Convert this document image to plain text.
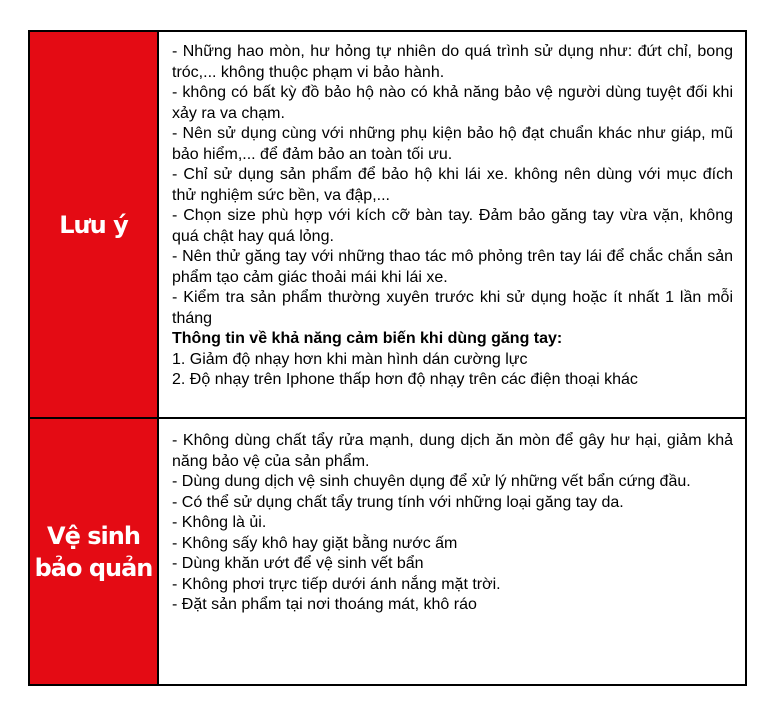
Lưu ý
- Những hao mòn, hư hỏng tự nhiên do quá trình sử dụng như: đứt chỉ, bong tróc,... không thuộc phạm vi bảo hành.
- không có bất kỳ đồ bảo hộ nào có khả năng bảo vệ người dùng tuyệt đối khi xảy ra va chạm.
- Nên sử dụng cùng với những phụ kiện bảo hộ đạt chuẩn khác như giáp, mũ bảo hiểm,... để đảm bảo an toàn tối ưu.
- Chỉ sử dụng sản phẩm để bảo hộ khi lái xe. không nên dùng với mục đích thử nghiệm sức bền, va đập,...
- Chọn size phù hợp với kích cỡ bàn tay. Đảm bảo găng tay vừa vặn, không quá chật hay quá lỏng.
- Nên thử găng tay với những thao tác mô phỏng trên tay lái để chắc chắn sản phẩm tạo cảm giác thoải mái khi lái xe.
- Kiểm tra sản phẩm thường xuyên trước khi sử dụng hoặc ít nhất 1 lần mỗi tháng
Thông tin về khả năng cảm biến khi dùng găng tay:
1. Giảm độ nhạy hơn khi màn hình dán cường lực
2. Độ nhạy trên Iphone thấp hơn độ nhạy trên các điện thoại khác
Vệ sinh
bảo quản
- Không dùng chất tẩy rửa mạnh, dung dịch ăn mòn để gây hư hại, giảm khả năng bảo vệ của sản phẩm.
- Dùng dung dịch vệ sinh chuyên dụng để xử lý những vết bẩn cứng đầu.
- Có thể sử dụng chất tẩy trung tính với những loại găng tay da.
- Không là ủi.
- Không sấy khô hay giặt bằng nước ấm
- Dùng khăn ướt để vệ sinh vết bẩn
- Không phơi trực tiếp dưới ánh nắng mặt trời.
- Đặt sản phẩm tại nơi thoáng mát, khô ráo
